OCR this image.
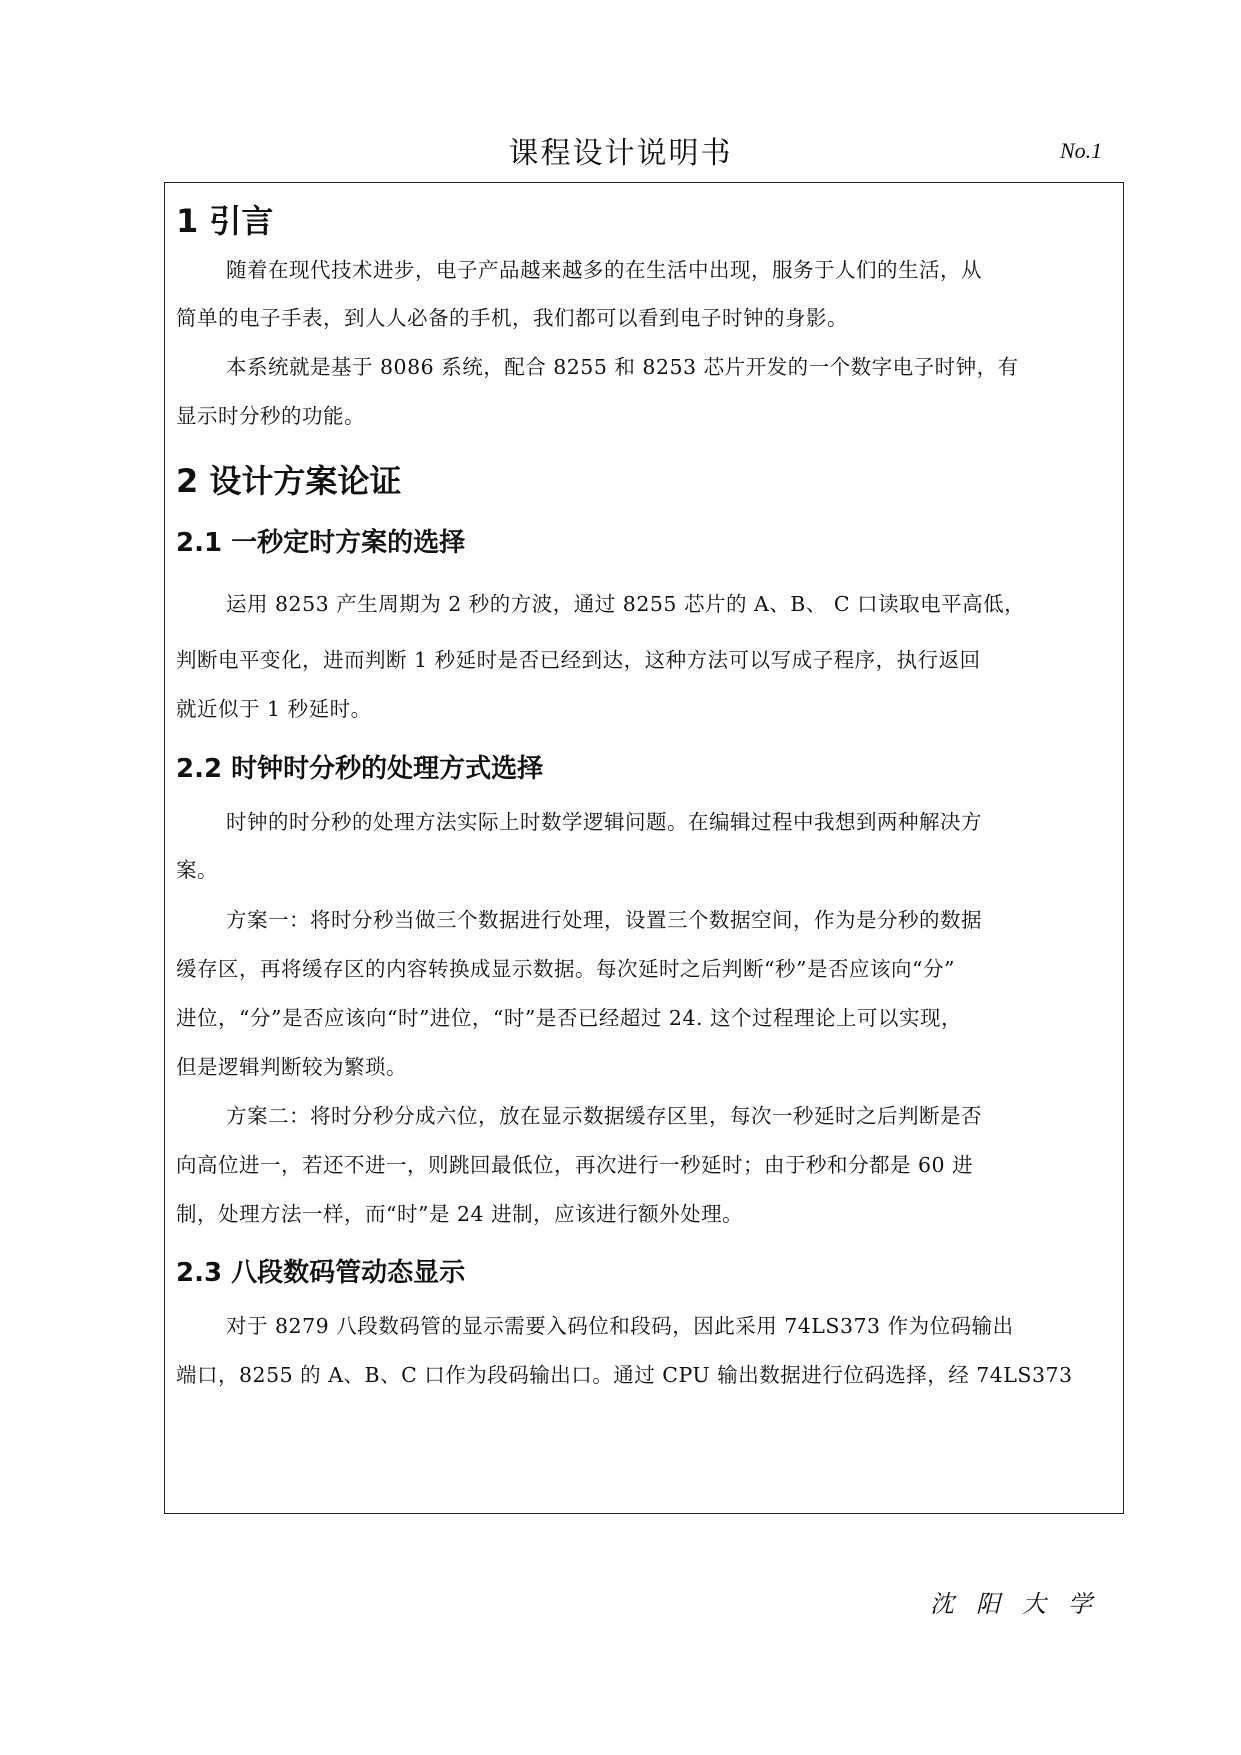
课程设计说明书	No.1
1 引言
随着在现代技术进步，电子产品越来越多的在生活中出现，服务于人们的生活，从
简单的电子手表，到人人必备的手机，我们都可以看到电子时钟的身影。
本系统就是基于 8086 系统，配合 8255 和 8253 芯片开发的一个数字电子时钟，有
显示时分秒的功能。
2 设计方案论证
2.1 一秒定时方案的选择
运用 8253 产生周期为 2 秒的方波，通过 8255 芯片的 A、B、 C 口读取电平高低，
判断电平变化，进而判断 1 秒延时是否已经到达，这种方法可以写成子程序，执行返回
就近似于 1 秒延时。
2.2 时钟时分秒的处理方式选择
时钟的时分秒的处理方法实际上时数学逻辑问题。在编辑过程中我想到两种解决方
案。
方案一：将时分秒当做三个数据进行处理，设置三个数据空间，作为是分秒的数据
缓存区，再将缓存区的内容转换成显示数据。每次延时之后判断“秒”是否应该向“分”
进位，“分”是否应该向“时”进位，“时”是否已经超过 24. 这个过程理论上可以实现，
但是逻辑判断较为繁琐。
方案二：将时分秒分成六位，放在显示数据缓存区里，每次一秒延时之后判断是否
向高位进一，若还不进一，则跳回最低位，再次进行一秒延时；由于秒和分都是 60 进
制，处理方法一样，而“时”是 24 进制，应该进行额外处理。
2.3 八段数码管动态显示
对于 8279 八段数码管的显示需要入码位和段码，因此采用 74LS373 作为位码输出
端口，8255 的 A、B、C 口作为段码输出口。通过 CPU 输出数据进行位码选择，经 74LS373
沈阳大学
